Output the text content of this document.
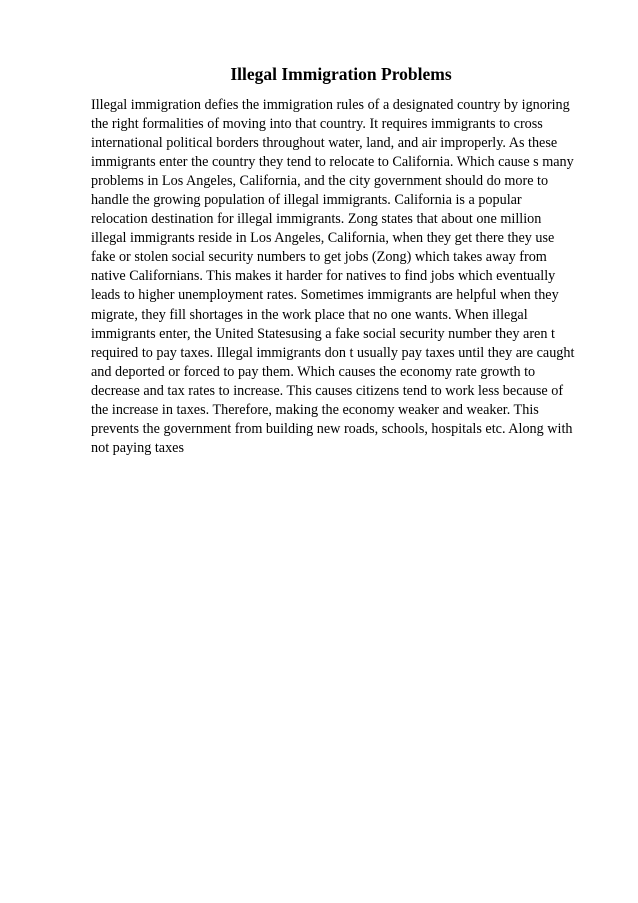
Illegal Immigration Problems
Illegal immigration defies the immigration rules of a designated country by ignoring
the right formalities of moving into that country. It requires immigrants to cross
international political borders throughout water, land, and air improperly. As these
immigrants enter the country they tend to relocate to California. Which cause s many
problems in Los Angeles, California, and the city government should do more to
handle the growing population of illegal immigrants. California is a popular
relocation destination for illegal immigrants. Zong states that about one million
illegal immigrants reside in Los Angeles, California, when they get there they use
fake or stolen social security numbers to get jobs (Zong) which takes away from
native Californians. This makes it harder for natives to find jobs which eventually
leads to higher unemployment rates. Sometimes immigrants are helpful when they
migrate, they fill shortages in the work place that no one wants. When illegal
immigrants enter, the United Statesusing a fake social security number they aren t
required to pay taxes. Illegal immigrants don t usually pay taxes until they are caught
and deported or forced to pay them. Which causes the economy rate growth to
decrease and tax rates to increase. This causes citizens tend to work less because of
the increase in taxes. Therefore, making the economy weaker and weaker. This
prevents the government from building new roads, schools, hospitals etc. Along with
not paying taxes
